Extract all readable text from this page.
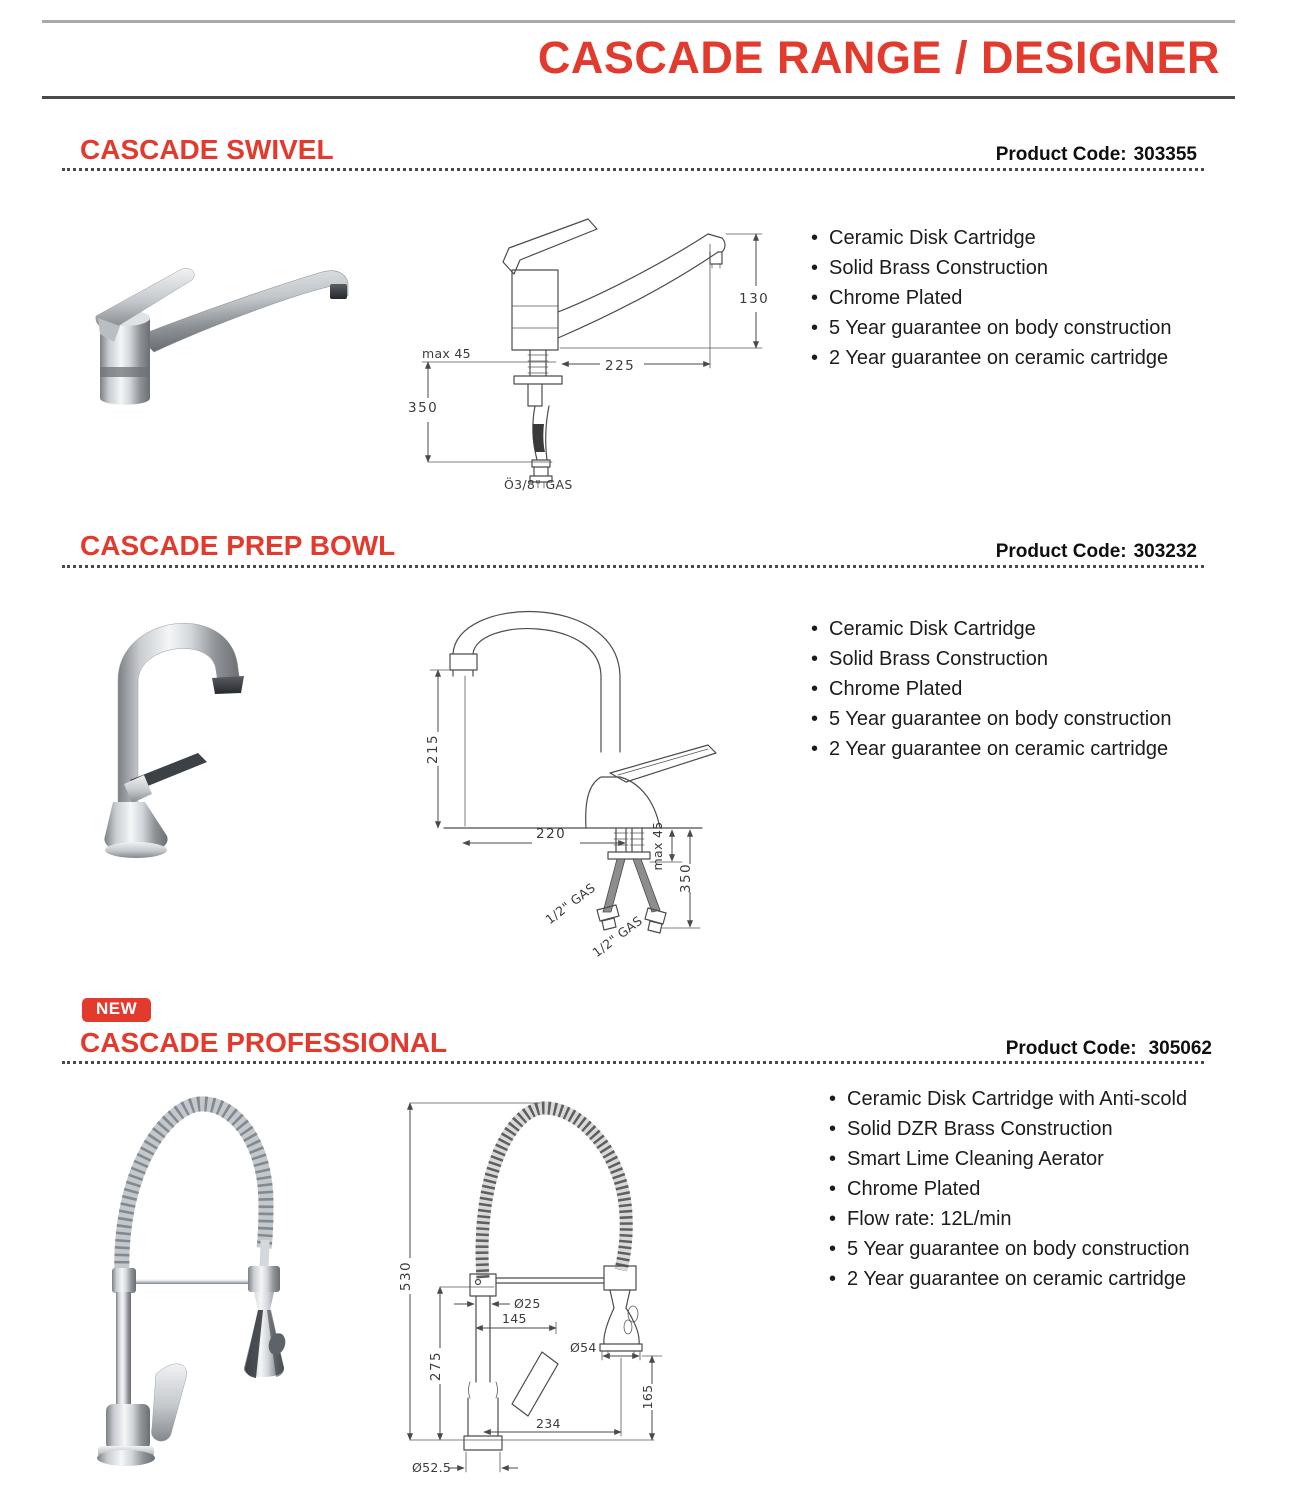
CASCADE RANGE / DESIGNER
CASCADE SWIVEL	Product Code: 303355

max 45
350
130
225
Ö3/8" GAS
• Ceramic Disk Cartridge
• Solid Brass Construction
• Chrome Plated
• 5 Year guarantee on body construction
• 2 Year guarantee on ceramic cartridge
CASCADE PREP BOWL	Product Code: 303232

215
220	max 45
350
1/2" GAS
1/2" GAS
• Ceramic Disk Cartridge
• Solid Brass Construction
• Chrome Plated
• 5 Year guarantee on body construction
• 2 Year guarantee on ceramic cartridge
NEW
CASCADE PROFESSIONAL	Product Code: 305062

530
275
Ø25
145
Ø54
165
234
Ø52.5
• Ceramic Disk Cartridge with Anti-scold
• Solid DZR Brass Construction
• Smart Lime Cleaning Aerator
• Chrome Plated
• Flow rate: 12L/min
• 5 Year guarantee on body construction
• 2 Year guarantee on ceramic cartridge
